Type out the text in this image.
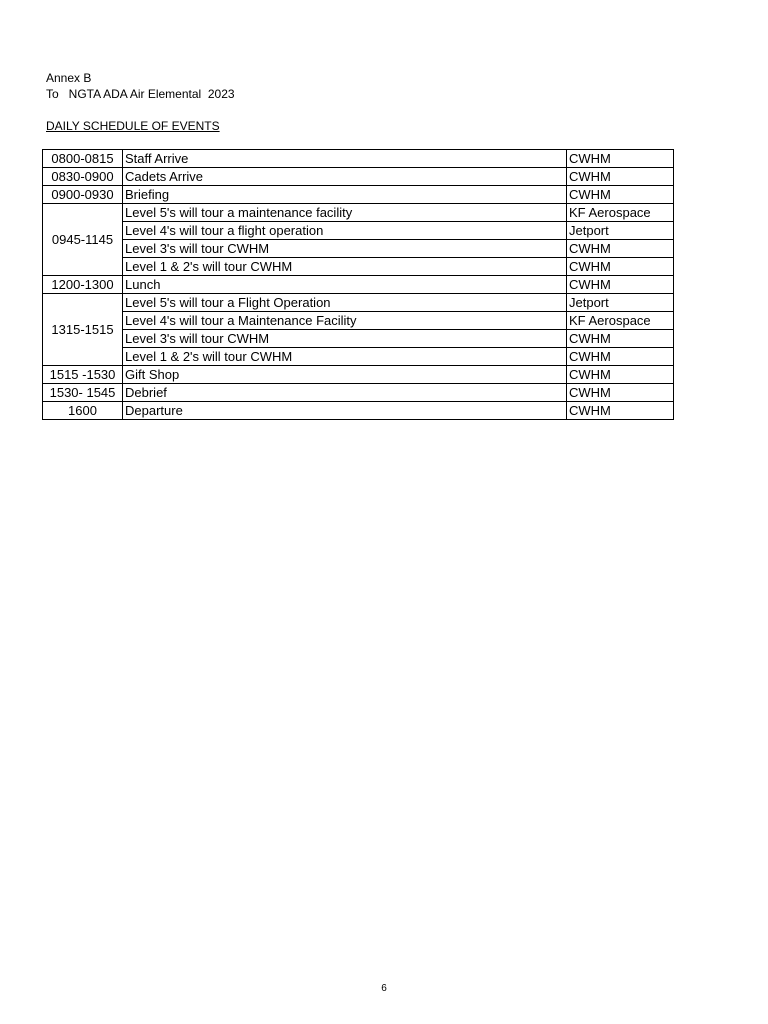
Annex B
To   NGTA ADA Air Elemental  2023
DAILY SCHEDULE OF EVENTS
0800-0815	Staff Arrive	CWHM
0830-0900	Cadets Arrive	CWHM
0900-0930	Briefing	CWHM
0945-1145	Level 5's will tour a maintenance facility	KF Aerospace
	Level 4's will tour a flight operation	Jetport
	Level 3's will tour CWHM	CWHM
	Level 1 & 2's will tour CWHM	CWHM
1200-1300	Lunch	CWHM
1315-1515	Level 5's will tour a Flight Operation	Jetport
	Level 4's will tour a Maintenance Facility	KF Aerospace
	Level 3's will tour CWHM	CWHM
	Level 1 & 2's will tour CWHM	CWHM
1515 -1530	Gift Shop	CWHM
1530- 1545	Debrief	CWHM
1600	Departure	CWHM
6
